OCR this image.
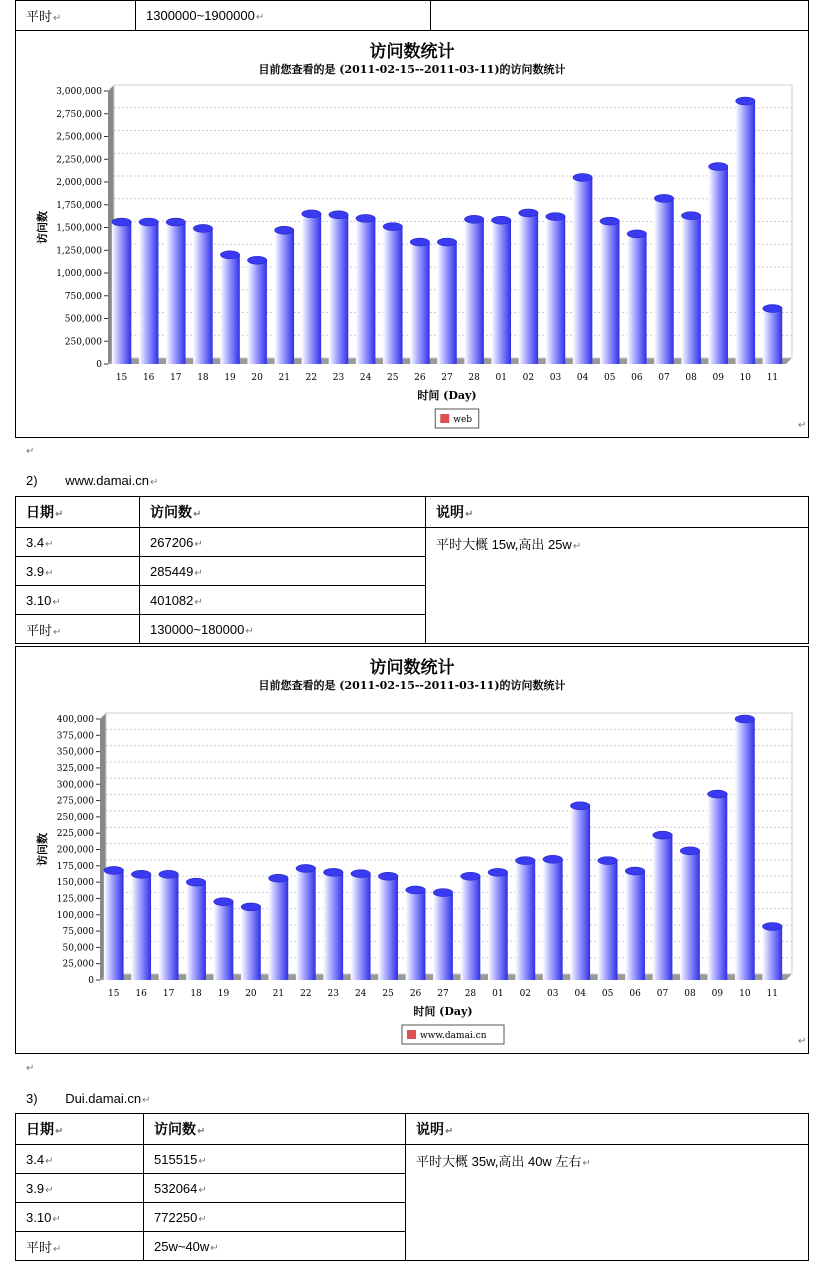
平时↵	1300000~1900000↵	
访问数统计
目前您查看的是 (2011-02-15--2011-03-11)的访问数统计
0
250,000
500,000
750,000
1,000,000
1,250,000
1,500,000
1,750,000
2,000,000
2,250,000
2,500,000
2,750,000
3,000,000
访问数
15 16 17 18 19 20 21 22 23 24 25 26 27 28 01 02 03 04 05 06 07 08 09 10 11
时间 (Day)
web	↵
↵
2) www.damai.cn↵
日期↵	访问数↵	说明↵
3.4↵	267206↵	平时大概 15w,高出 25w↵
3.9↵	285449↵	
3.10↵	401082↵	
平时↵	130000~180000↵	
访问数统计
目前您查看的是 (2011-02-15--2011-03-11)的访问数统计
0
25,000
50,000
75,000
100,000
125,000
150,000
175,000
200,000
225,000
250,000
275,000
300,000
325,000
350,000
375,000
400,000
访问数
15 16 17 18 19 20 21 22 23 24 25 26 27 28 01 02 03 04 05 06 07 08 09 10 11
时间 (Day)
www.damai.cn	↵
↵
3) Dui.damai.cn↵
日期↵	访问数↵	说明↵
3.4↵	515515↵	平时大概 35w,高出 40w 左右↵
3.9↵	532064↵	
3.10↵	772250↵	
平时↵	25w~40w↵	
